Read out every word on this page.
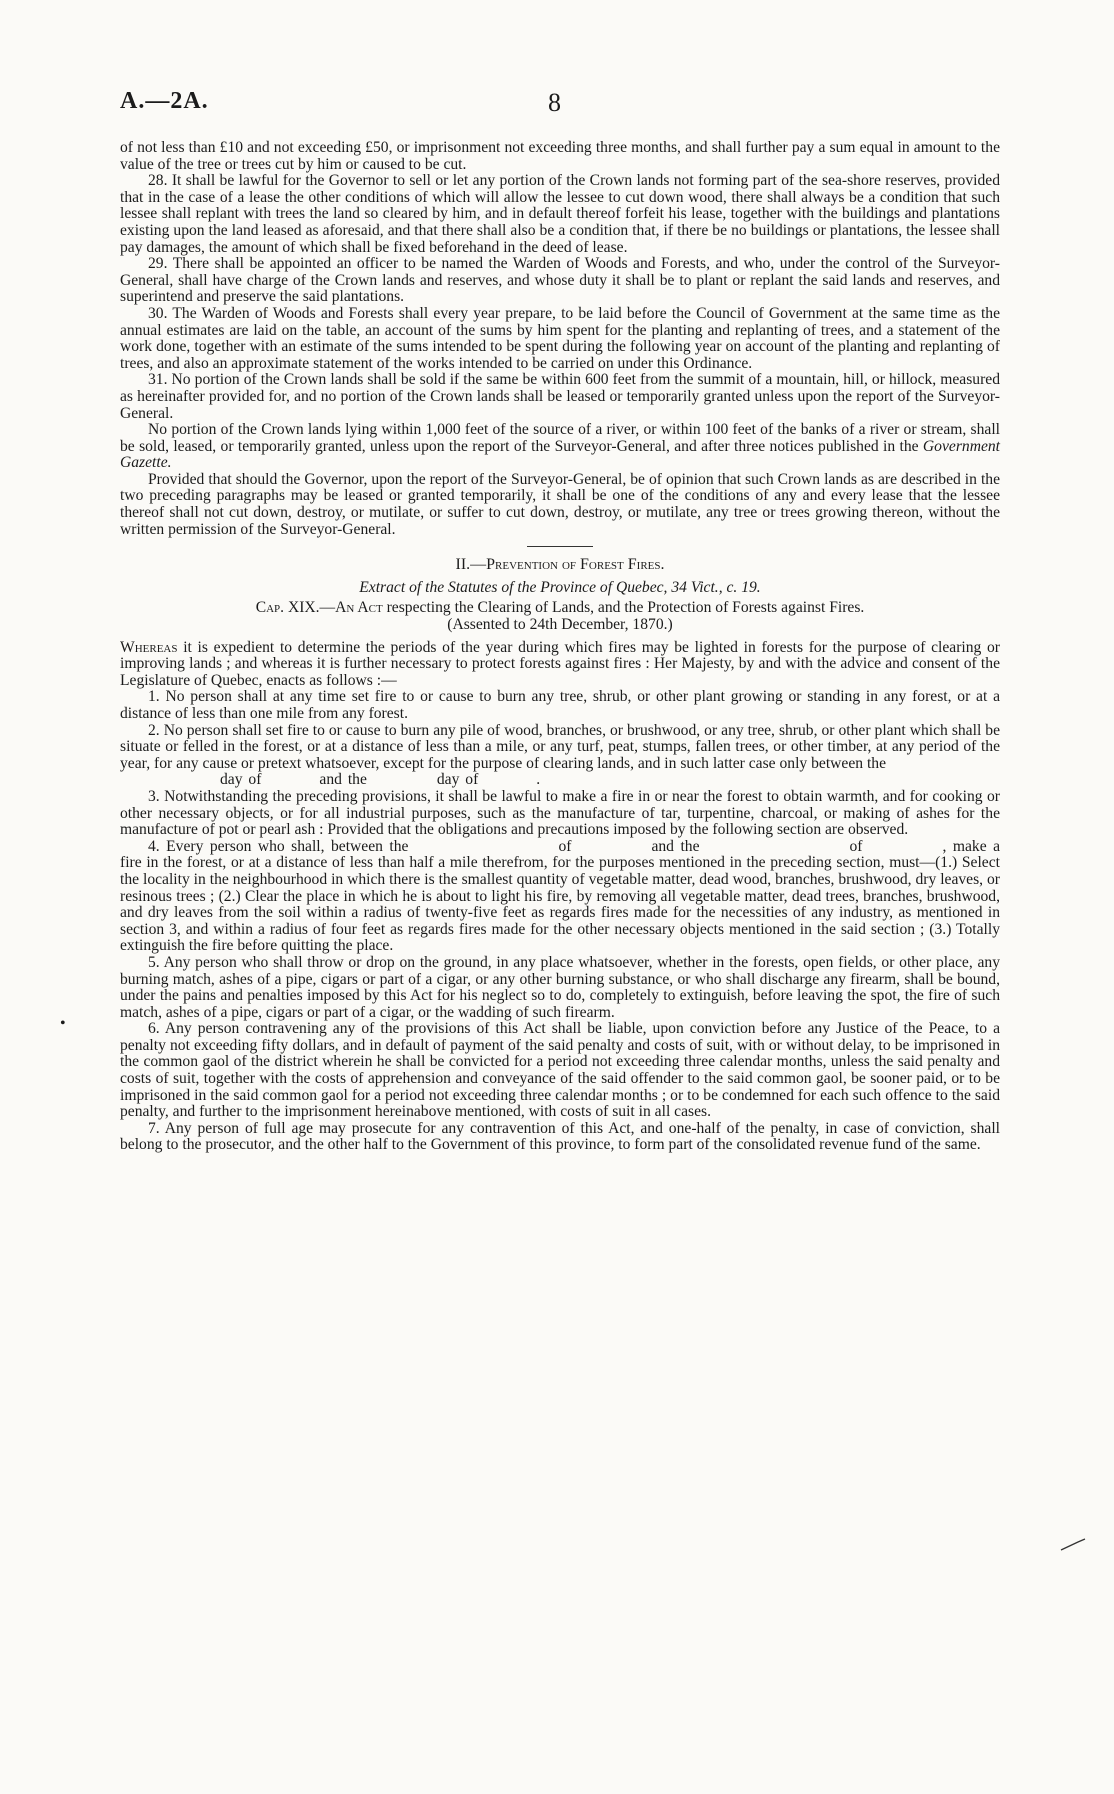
A.—2A.	8
•

of not less than £10 and not exceeding £50, or imprisonment not exceeding three months, and shall further pay a sum equal in amount to the value of the tree or trees cut by him or caused to be cut.

28. It shall be lawful for the Governor to sell or let any portion of the Crown lands not forming part of the sea-shore reserves, provided that in the case of a lease the other conditions of which will allow the lessee to cut down wood, there shall always be a condition that such lessee shall replant with trees the land so cleared by him, and in default thereof forfeit his lease, together with the buildings and plantations existing upon the land leased as aforesaid, and that there shall also be a condition that, if there be no buildings or plantations, the lessee shall pay damages, the amount of which shall be fixed beforehand in the deed of lease.

29. There shall be appointed an officer to be named the Warden of Woods and Forests, and who, under the control of the Surveyor-General, shall have charge of the Crown lands and reserves, and whose duty it shall be to plant or replant the said lands and reserves, and superintend and preserve the said plantations.

30. The Warden of Woods and Forests shall every year prepare, to be laid before the Council of Government at the same time as the annual estimates are laid on the table, an account of the sums by him spent for the planting and replanting of trees, and a statement of the work done, together with an estimate of the sums intended to be spent during the following year on account of the planting and replanting of trees, and also an approximate statement of the works intended to be carried on under this Ordinance.

31. No portion of the Crown lands shall be sold if the same be within 600 feet from the summit of a mountain, hill, or hillock, measured as hereinafter provided for, and no portion of the Crown lands shall be leased or temporarily granted unless upon the report of the Surveyor-General.

No portion of the Crown lands lying within 1,000 feet of the source of a river, or within 100 feet of the banks of a river or stream, shall be sold, leased, or temporarily granted, unless upon the report of the Surveyor-General, and after three notices published in the Government Gazette.

Provided that should the Governor, upon the report of the Surveyor-General, be of opinion that such Crown lands as are described in the two preceding paragraphs may be leased or granted temporarily, it shall be one of the conditions of any and every lease that the lessee thereof shall not cut down, destroy, or mutilate, or suffer to cut down, destroy, or mutilate, any tree or trees growing thereon, without the written permission of the Surveyor-General.

II.—Prevention of Forest Fires.

Extract of the Statutes of the Province of Quebec, 34 Vict., c. 19.

Cap. XIX.—An Act respecting the Clearing of Lands, and the Protection of Forests against Fires.

(Assented to 24th December, 1870.)

Whereas it is expedient to determine the periods of the year during which fires may be lighted in forests for the purpose of clearing or improving lands ; and whereas it is further necessary to protect forests against fires : Her Majesty, by and with the advice and consent of the Legislature of Quebec, enacts as follows :—

1. No person shall at any time set fire to or cause to burn any tree, shrub, or other plant growing or standing in any forest, or at a distance of less than one mile from any forest.

2. No person shall set fire to or cause to burn any pile of wood, branches, or brushwood, or any tree, shrub, or other plant which shall be situate or felled in the forest, or at a distance of less than a mile, or any turf, peat, stumps, fallen trees, or other timber, at any period of the year, for any cause or pretext whatsoever, except for the purpose of clearing lands, and in such latter case only between the

day of	and the	day of	.

3. Notwithstanding the preceding provisions, it shall be lawful to make a fire in or near the forest to obtain warmth, and for cooking or other necessary objects, or for all industrial purposes, such as the manufacture of tar, turpentine, charcoal, or making of ashes for the manufacture of pot or pearl ash : Provided that the obligations and precautions imposed by the following section are observed.

4. Every person who shall, between the	of	and the	of	, make a fire in the forest, or at a distance of less than half a mile therefrom, for the purposes mentioned in the preceding section, must—(1.) Select the locality in the neighbourhood in which there is the smallest quantity of vegetable matter, dead wood, branches, brushwood, dry leaves, or resinous trees ; (2.) Clear the place in which he is about to light his fire, by removing all vegetable matter, dead trees, branches, brushwood, and dry leaves from the soil within a radius of twenty-five feet as regards fires made for the necessities of any industry, as mentioned in section 3, and within a radius of four feet as regards fires made for the other necessary objects mentioned in the said section ; (3.) Totally extinguish the fire before quitting the place.

5. Any person who shall throw or drop on the ground, in any place whatsoever, whether in the forests, open fields, or other place, any burning match, ashes of a pipe, cigars or part of a cigar, or any other burning substance, or who shall discharge any firearm, shall be bound, under the pains and penalties imposed by this Act for his neglect so to do, completely to extinguish, before leaving the spot, the fire of such match, ashes of a pipe, cigars or part of a cigar, or the wadding of such firearm.

6. Any person contravening any of the provisions of this Act shall be liable, upon conviction before any Justice of the Peace, to a penalty not exceeding fifty dollars, and in default of payment of the said penalty and costs of suit, with or without delay, to be imprisoned in the common gaol of the district wherein he shall be convicted for a period not exceeding three calendar months, unless the said penalty and costs of suit, together with the costs of apprehension and conveyance of the said offender to the said common gaol, be sooner paid, or to be imprisoned in the said common gaol for a period not exceeding three calendar months ; or to be condemned for each such offence to the said penalty, and further to the imprisonment hereinabove mentioned, with costs of suit in all cases.

7. Any person of full age may prosecute for any contravention of this Act, and one-half of the penalty, in case of conviction, shall belong to the prosecutor, and the other half to the Government of this province, to form part of the consolidated revenue fund of the same.
